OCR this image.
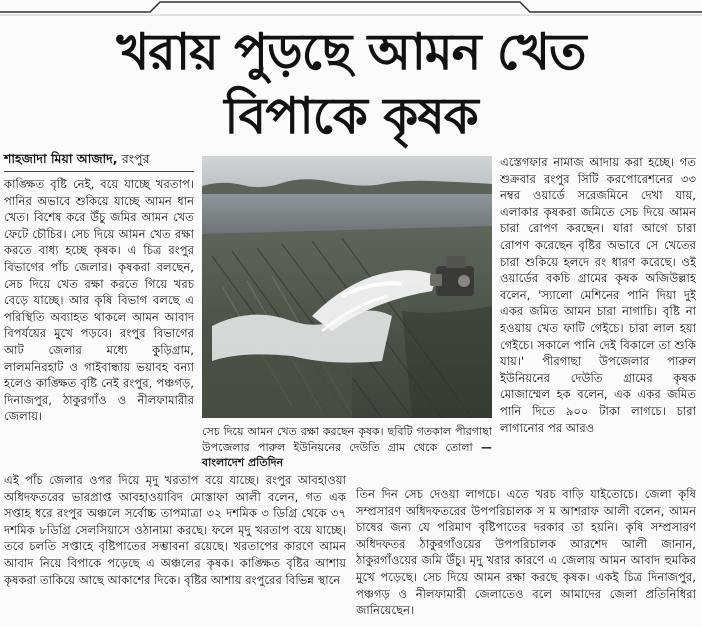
খরায় পুড়ছে আমন খেত
বিপাকে কৃষক
শাহজাদা মিয়া আজাদ, রংপুর
কাঙ্ক্ষিত বৃষ্টি নেই, বয়ে যাচ্ছে খরতাপ। পানির অভাবে শুকিয়ে যাচ্ছে আমন ধান খেত। বিশেষ করে উঁচু জমির আমন খেত ফেটে চৌচির। সেচ দিয়ে আমন খেত রক্ষা করতে বাধ্য হচ্ছে কৃষক। এ চিত্র রংপুর বিভাগের পাঁচ জেলার। কৃষকরা বলছেন, সেচ দিয়ে খেত রক্ষা করতে গিয়ে খরচ বেড়ে যাচ্ছে। আর কৃষি বিভাগ বলছে এ পরিস্থিতি অব্যাহত থাকলে আমন আবাদ বিপর্যয়ের মুখে পড়বে। রংপুর বিভাগের আট জেলার মধ্যে কুড়িগ্রাম, লালমনিরহাট ও গাইবান্ধায় ভয়াবহ বন্যা হলেও কাঙ্ক্ষিত বৃষ্টি নেই রংপুর, পঞ্চগড়, দিনাজপুর, ঠাকুরগাঁও ও নীলফামারীর জেলায়।
সেচ দিয়ে আমন খেত রক্ষা করছেন কৃষক। ছবিটি গতকাল পীরগাছা উপজেলার পারুল ইউনিয়নের দেউতি গ্রাম থেকে তোলা —বাংলাদেশ প্রতিদিন
এস্তেগফার নামাজ আদায় করা হচ্ছে। গত শুক্রবার রংপুর সিটি করপোরেশনের ৩৩ নম্বর ওয়ার্ডে সরেজমিনে দেখা যায়, এলাকার কৃষকরা জমিতে সেচ দিয়ে আমন চারা রোপণ করছেন। যারা আগে চারা রোপণ করেছেন বৃষ্টির অভাবে সে খেতের চারা শুকিয়ে হলদে রং ধারণ করেছে। ওই ওয়ার্ডের বকচি গ্রামের কৃষক অজিউল্লাহ বলেন, 'স্যালো মেশিনের পানি দিয়া দুই একর জমিত আমন চারা নাগাচি। বৃষ্টি না হওয়ায় খেত ফাটি গেইচে। চারা লাল হয়া গেইচে। সকালে পানি দেই বিকালে তা শুকি যায়।' পীরগাছা উপজেলার পারুল ইউনিয়নের দেউতি গ্রামের কৃষক মোজাম্মেল হক বলেন, এক একর জমিত পানি দিতে ৯০০ টাকা লাগচে। চারা লাগানোর পর আরও
এই পাঁচ জেলার ওপর দিয়ে মৃদু খরতাপ বয়ে যাচ্ছে। রংপুর আবহাওয়া অধিদফতরের ভারপ্রাপ্ত আবহাওয়াবিদ মোস্তাফা আলী বলেন, গত এক সপ্তাহ ধরে রংপুর অঞ্চলে সর্বোচ্চ তাপমাত্রা ৩২ দশমিক ৩ ডিগ্রি থেকে ৩৭ দশমিক ৮ডিগ্রি সেলসিয়াসে ওঠানামা করছে। ফলে মৃদু খরতাপ বয়ে যাচ্ছে। তবে চলতি সপ্তাহে বৃষ্টিপাতের সম্ভাবনা রয়েছে। খরতাপের কারণে আমন আবাদ নিয়ে বিপাকে পড়েছে এ অঞ্চলের কৃষক। কাঙ্ক্ষিত বৃষ্টির আশায় কৃষকরা তাকিয়ে আছে আকাশের দিকে। বৃষ্টির আশায় রংপুরের বিভিন্ন স্থানে
তিন দিন সেচ দেওয়া লাগচে। এতে খরচ বাড়ি যাইতোচে। জেলা কৃষি সম্প্রসারণ অধিদফতরের উপপরিচালক স ম আশরাফ আলী বলেন, আমন চাষের জন্য যে পরিমাণ বৃষ্টিপাতের দরকার তা হয়নি। কৃষি সম্প্রসারণ অধিদফতর ঠাকুরগাঁওয়ের উপপরিচালক আরশেদ আলী জানান, ঠাকুরগাঁওয়ের জমি উঁচু। মৃদু খরার কারণে এ জেলায় আমন আবাদ হুমকির মুখে পড়েছে। সেচ দিয়ে আমন রক্ষা করছে কৃষক। একই চিত্র দিনাজপুর, পঞ্চগড় ও নীলফামারী জেলাতেও বলে আমাদের জেলা প্রতিনিধিরা জানিয়েছেন।
